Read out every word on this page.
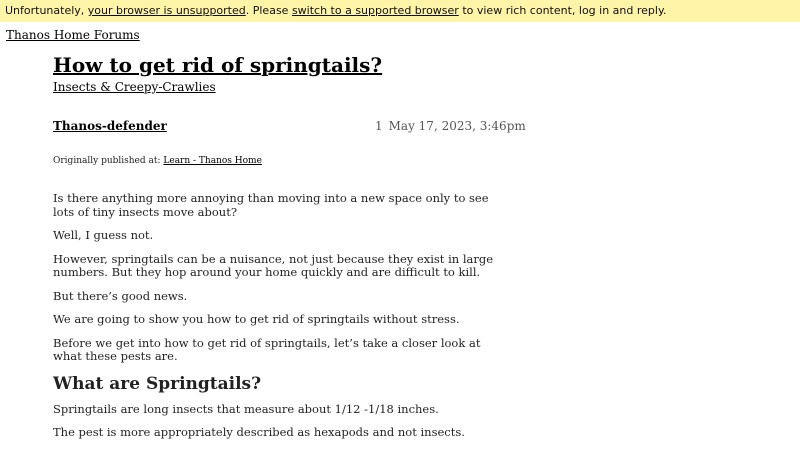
Unfortunately, your browser is unsupported. Please switch to a supported browser to view rich content, log in and reply.
Thanos Home Forums
How to get rid of springtails?
Insects & Creepy-Crawlies
Thanos-defender	1 May 17, 2023, 3:46pm
Originally published at: Learn - Thanos Home

Is there anything more annoying than moving into a new space only to see lots of tiny insects move about?

Well, I guess not.

However, springtails can be a nuisance, not just because they exist in large numbers. But they hop around your home quickly and are difficult to kill.

But there’s good news.

We are going to show you how to get rid of springtails without stress.

Before we get into how to get rid of springtails, let’s take a closer look at what these pests are.

What are Springtails?

Springtails are long insects that measure about 1/12 -1/18 inches.

The pest is more appropriately described as hexapods and not insects.
